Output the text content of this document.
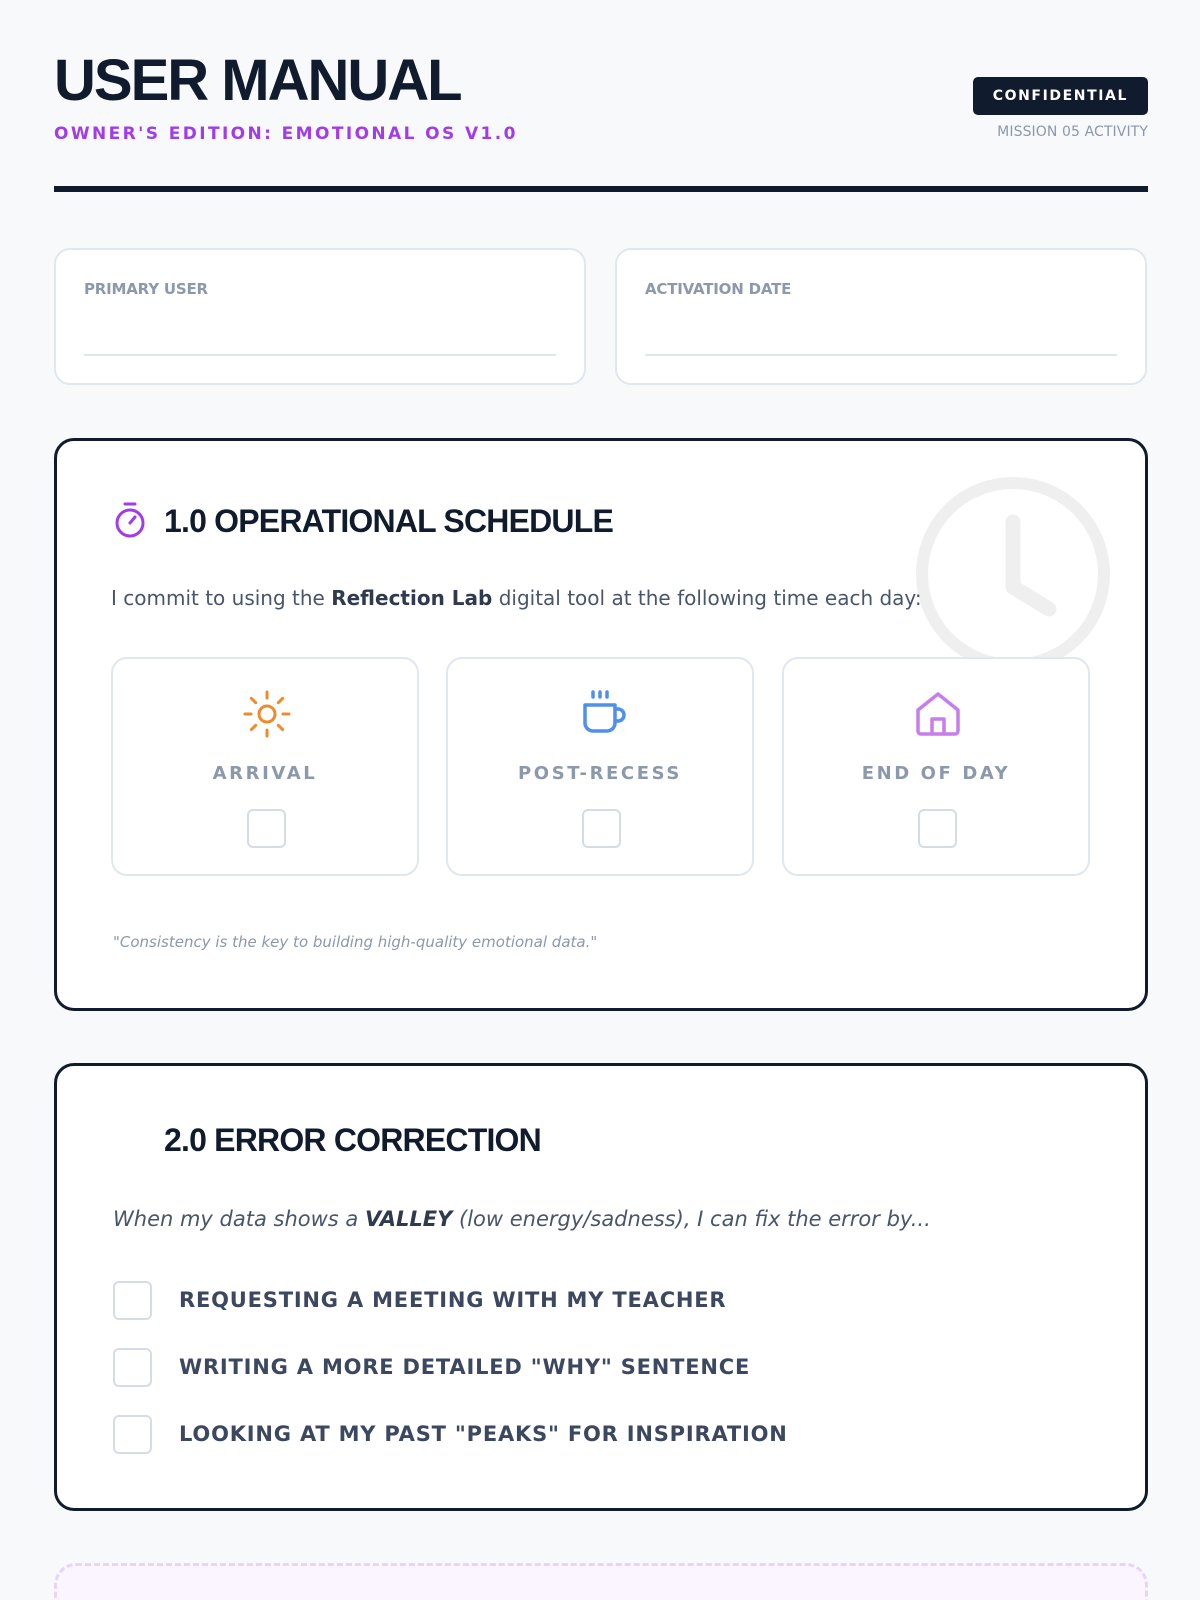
USER MANUAL
OWNER'S EDITION: EMOTIONAL OS V1.0
CONFIDENTIAL
MISSION 05 ACTIVITY
PRIMARY USER	ACTIVATION DATE
1.0 OPERATIONAL SCHEDULE
I commit to using the Reflection Lab digital tool at the following time each day:
ARRIVAL	POST-RECESS	END OF DAY
"Consistency is the key to building high-quality emotional data."
2.0 ERROR CORRECTION
When my data shows a VALLEY (low energy/sadness), I can fix the error by...
REQUESTING A MEETING WITH MY TEACHER
WRITING A MORE DETAILED "WHY" SENTENCE
LOOKING AT MY PAST "PEAKS" FOR INSPIRATION
